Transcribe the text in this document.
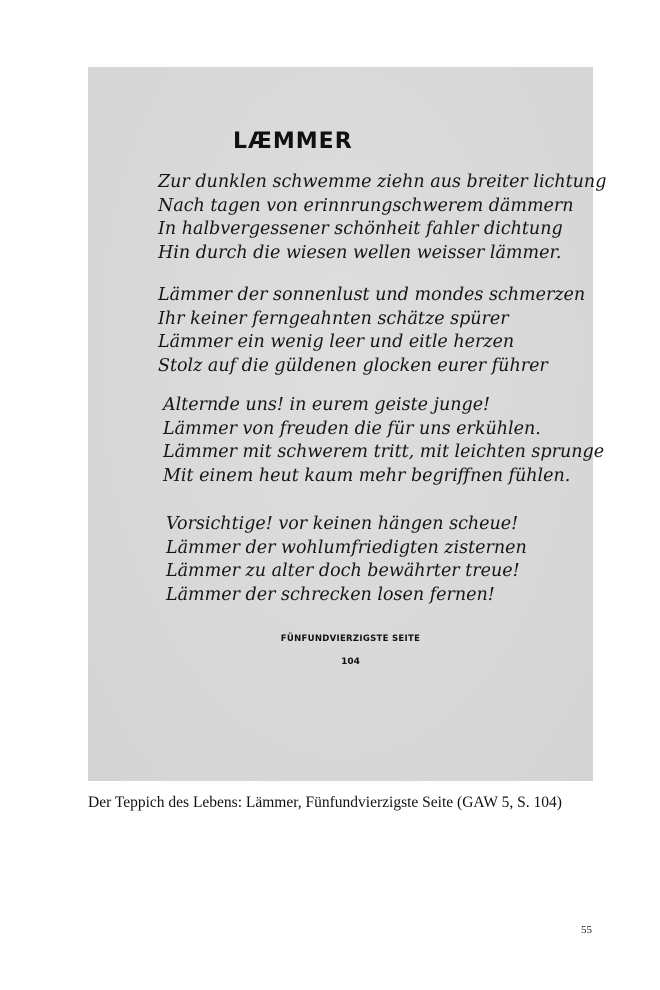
LÆMMER
Zur dunklen schwemme ziehn aus breiter lichtung
Nach tagen von erinnrungschwerem dämmern
In halbvergessener schönheit fahler dichtung
Hin durch die wiesen wellen weisser lämmer.
Lämmer der sonnenlust und mondes schmerzen
Ihr keiner ferngeahnten schätze spürer
Lämmer ein wenig leer und eitle herzen
Stolz auf die güldenen glocken eurer führer
Alternde uns! in eurem geiste junge!
Lämmer von freuden die für uns erkühlen.
Lämmer mit schwerem tritt, mit leichten sprunge
Mit einem heut kaum mehr begriffnen fühlen.
Vorsichtige! vor keinen hängen scheue!
Lämmer der wohlumfriedigten zisternen
Lämmer zu alter doch bewährter treue!
Lämmer der schrecken losen fernen!
FÜNFUNDVIERZIGSTE SEITE
104
Der Teppich des Lebens: Lämmer, Fünfundvierzigste Seite (GAW 5, S. 104)
55
